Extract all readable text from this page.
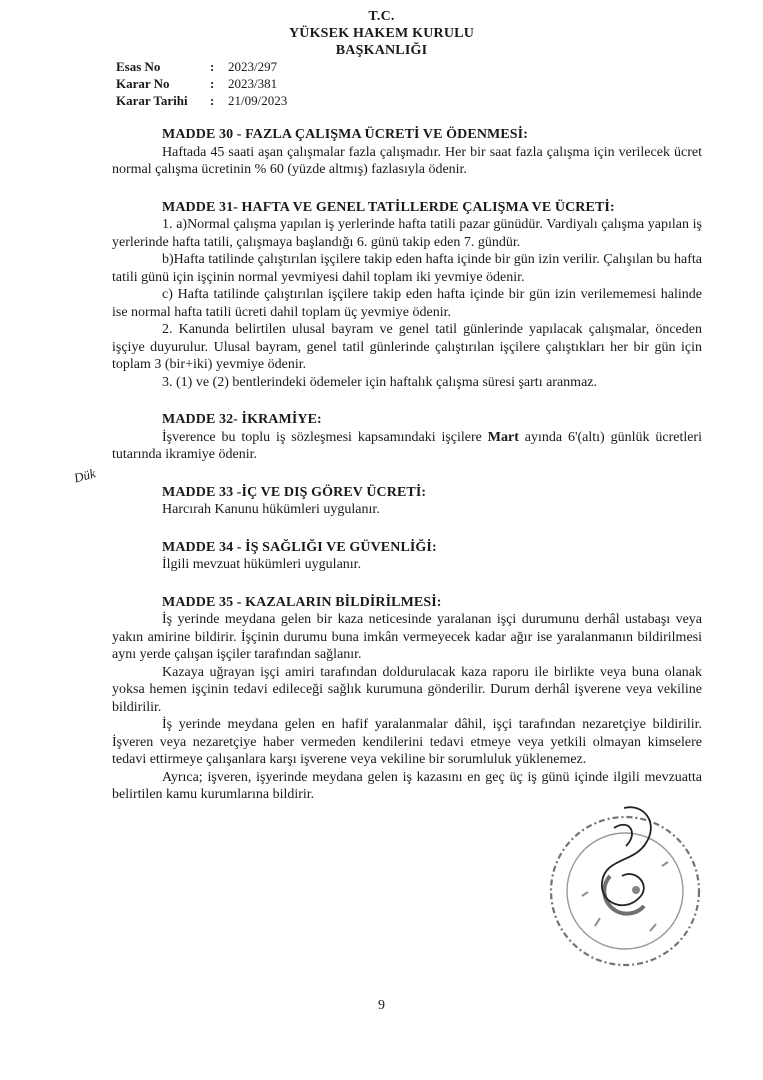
T.C.
YÜKSEK HAKEM KURULU
BAŞKANLIĞI
Esas No	:	2023/297
Karar No	:	2023/381
Karar Tarihi	:	21/09/2023
MADDE 30 - FAZLA ÇALIŞMA ÜCRETİ VE ÖDENMESİ:

Haftada 45 saati aşan çalışmalar fazla çalışmadır. Her bir saat fazla çalışma için verilecek ücret normal çalışma ücretinin % 60 (yüzde altmış) fazlasıyla ödenir.

MADDE 31- HAFTA VE GENEL TATİLLERDE ÇALIŞMA VE ÜCRETİ:

1. a)Normal çalışma yapılan iş yerlerinde hafta tatili pazar günüdür. Vardiyalı çalışma yapılan iş yerlerinde hafta tatili, çalışmaya başlandığı 6. günü takip eden 7. gündür.

b)Hafta tatilinde çalıştırılan işçilere takip eden hafta içinde bir gün izin verilir. Çalışılan bu hafta tatili günü için işçinin normal yevmiyesi dahil toplam iki yevmiye ödenir.

c) Hafta tatilinde çalıştırılan işçilere takip eden hafta içinde bir gün izin verilememesi halinde ise normal hafta tatili ücreti dahil toplam üç yevmiye ödenir.

2. Kanunda belirtilen ulusal bayram ve genel tatil günlerinde yapılacak çalışmalar, önceden işçiye duyurulur. Ulusal bayram, genel tatil günlerinde çalıştırılan işçilere çalıştıkları her bir gün için toplam 3 (bir+iki) yevmiye ödenir.

3. (1) ve (2) bentlerindeki ödemeler için haftalık çalışma süresi şartı aranmaz.

MADDE 32- İKRAMİYE:

İşverence bu toplu iş sözleşmesi kapsamındaki işçilere Mart ayında 6'(altı) günlük ücretleri tutarında ikramiye ödenir.

MADDE 33 -İÇ VE DIŞ GÖREV ÜCRETİ:

Harcırah Kanunu hükümleri uygulanır.

MADDE 34 - İŞ SAĞLIĞI VE GÜVENLİĞİ:

İlgili mevzuat hükümleri uygulanır.

MADDE 35 - KAZALARIN BİLDİRİLMESİ:

İş yerinde meydana gelen bir kaza neticesinde yaralanan işçi durumunu derhâl ustabaşı veya yakın amirine bildirir. İşçinin durumu buna imkân vermeyecek kadar ağır ise yaralanmanın bildirilmesi aynı yerde çalışan işçiler tarafından sağlanır.

Kazaya uğrayan işçi amiri tarafından doldurulacak kaza raporu ile birlikte veya buna olanak yoksa hemen işçinin tedavi edileceği sağlık kurumuna gönderilir. Durum derhâl işverene veya vekiline bildirilir.

İş yerinde meydana gelen en hafif yaralanmalar dâhil, işçi tarafından nezaretçiye bildirilir. İşveren veya nezaretçiye haber vermeden kendilerini tedavi etmeye veya yetkili olmayan kimselere tedavi ettirmeye çalışanlara karşı işverene veya vekiline bir sorumluluk yüklenemez.

Ayrıca; işveren, işyerinde meydana gelen iş kazasını en geç üç iş günü içinde ilgili mevzuatta belirtilen kamu kurumlarına bildirir.

Dük
9
